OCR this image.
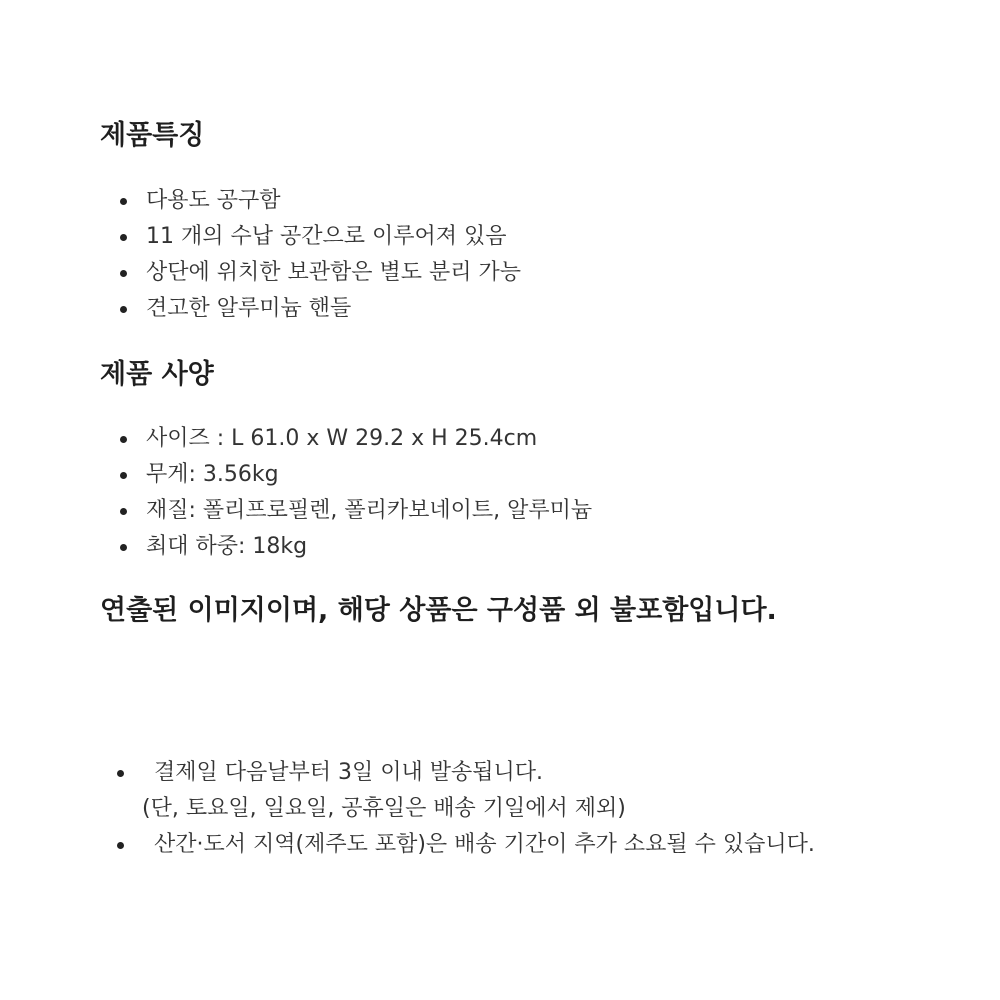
제품특징
다용도 공구함
11 개의 수납 공간으로 이루어져 있음
상단에 위치한 보관함은 별도 분리 가능
견고한 알루미늄 핸들
제품 사양
사이즈 : L 61.0 x W 29.2 x H 25.4cm
무게: 3.56kg
재질: 폴리프로필렌, 폴리카보네이트, 알루미늄
최대 하중: 18kg
연출된 이미지이며, 해당 상품은 구성품 외 불포함입니다.
결제일 다음날부터 3일 이내 발송됩니다.
(단, 토요일, 일요일, 공휴일은 배송 기일에서 제외)
산간·도서 지역(제주도 포함)은 배송 기간이 추가 소요될 수 있습니다.
